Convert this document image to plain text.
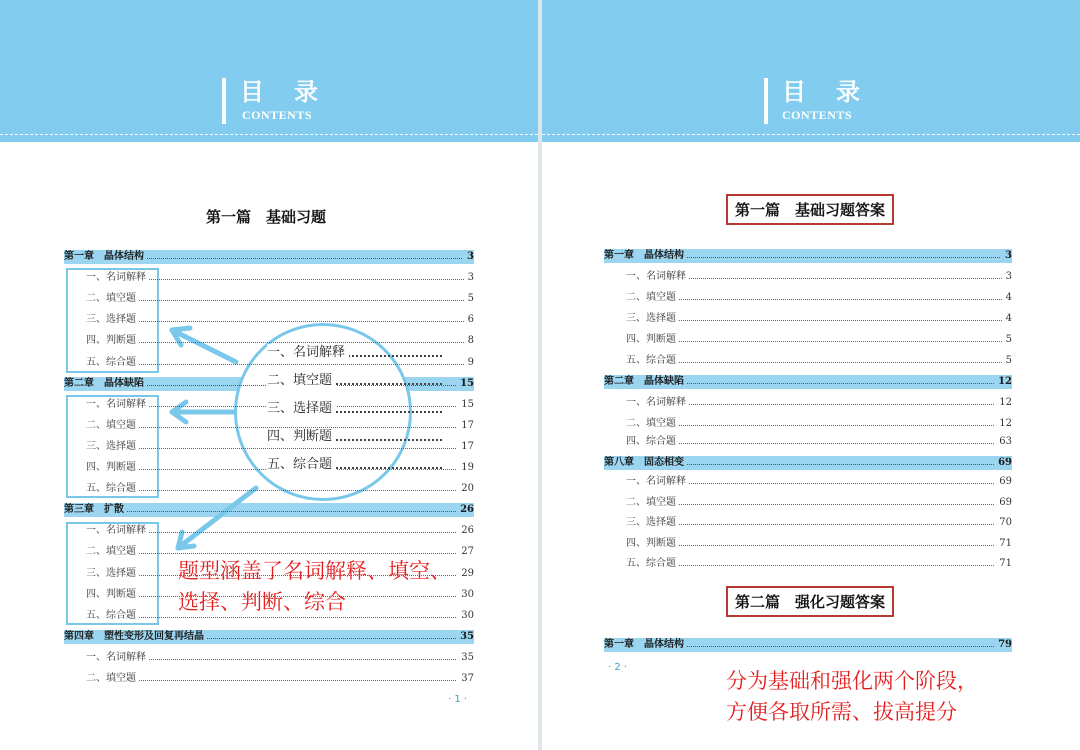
目 录
CONTENTS
第一篇　基础习题
第一章　晶体结构	3
一、名词解释	3
二、填空题	5
三、选择题	6
四、判断题	8
五、综合题	9
第二章　晶体缺陷	15
一、名词解释	15
二、填空题	17
三、选择题	17
四、判断题	19
五、综合题	20
第三章　扩散	26
一、名词解释	26
二、填空题	27
三、选择题	29
四、判断题	30
五、综合题	30
第四章　塑性变形及回复再结晶	35
一、名词解释	35
二、填空题	37
· 1 ·
一、名词解释
二、填空题
三、选择题
四、判断题
五、综合题
题型涵盖了名词解释、填空、
选择、判断、综合
目 录
CONTENTS
第一篇　基础习题答案
第一章　晶体结构	3
一、名词解释	3
二、填空题	4
三、选择题	4
四、判断题	5
五、综合题	5
第二章　晶体缺陷	12
一、名词解释	12
二、填空题	12
四、综合题	63
第八章　固态相变	69
一、名词解释	69
二、填空题	69
三、选择题	70
四、判断题	71
五、综合题	71
第二篇　强化习题答案
第一章　晶体结构	79
· 2 ·
分为基础和强化两个阶段，
方便各取所需、拔高提分
